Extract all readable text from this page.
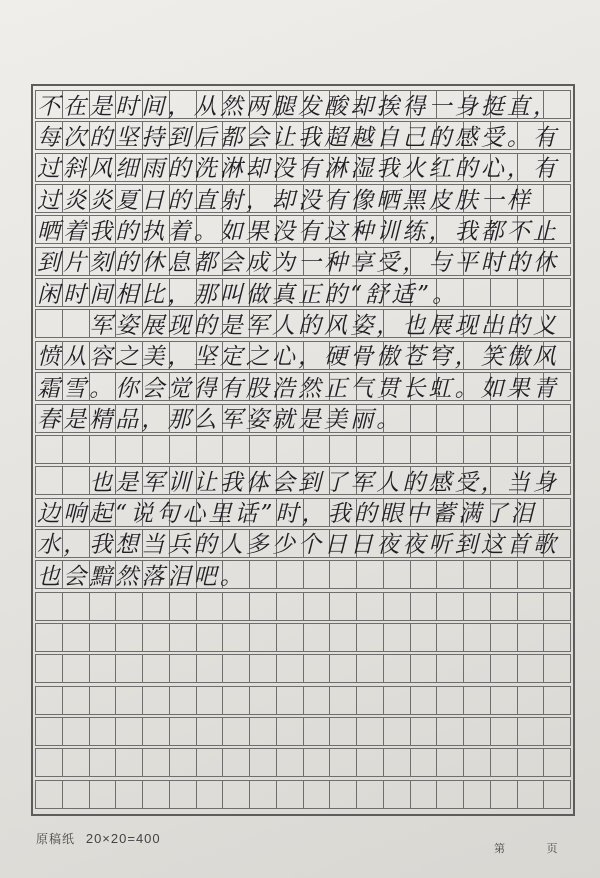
不在是时间，从然两腿发酸却挨得一身挺直，
每次的坚持到后都会让我超越自己的感受。有
过斜风细雨的洗淋却没有淋湿我火红的心，有
过炎炎夏日的直射，却没有像晒黑皮肤一样
晒着我的执着。如果没有这种训练，我都不止
到片刻的休息都会成为一种享受，与平时的休
闲时间相比，那叫做真正的“舒适”。
　　军姿展现的是军人的风姿，也展现出的义
愤从容之美，坚定之心，硬骨傲苍穹，笑傲风
霜雪。你会觉得有股浩然正气贯长虹。如果青
春是精品，那么军姿就是美丽。
　　也是军训让我体会到了军人的感受，当身
边响起“说句心里话”时，我的眼中蓄满了泪
水，我想当兵的人多少个日日夜夜听到这首歌
也会黯然落泪吧。
原稿纸 20×20=400
第	页
